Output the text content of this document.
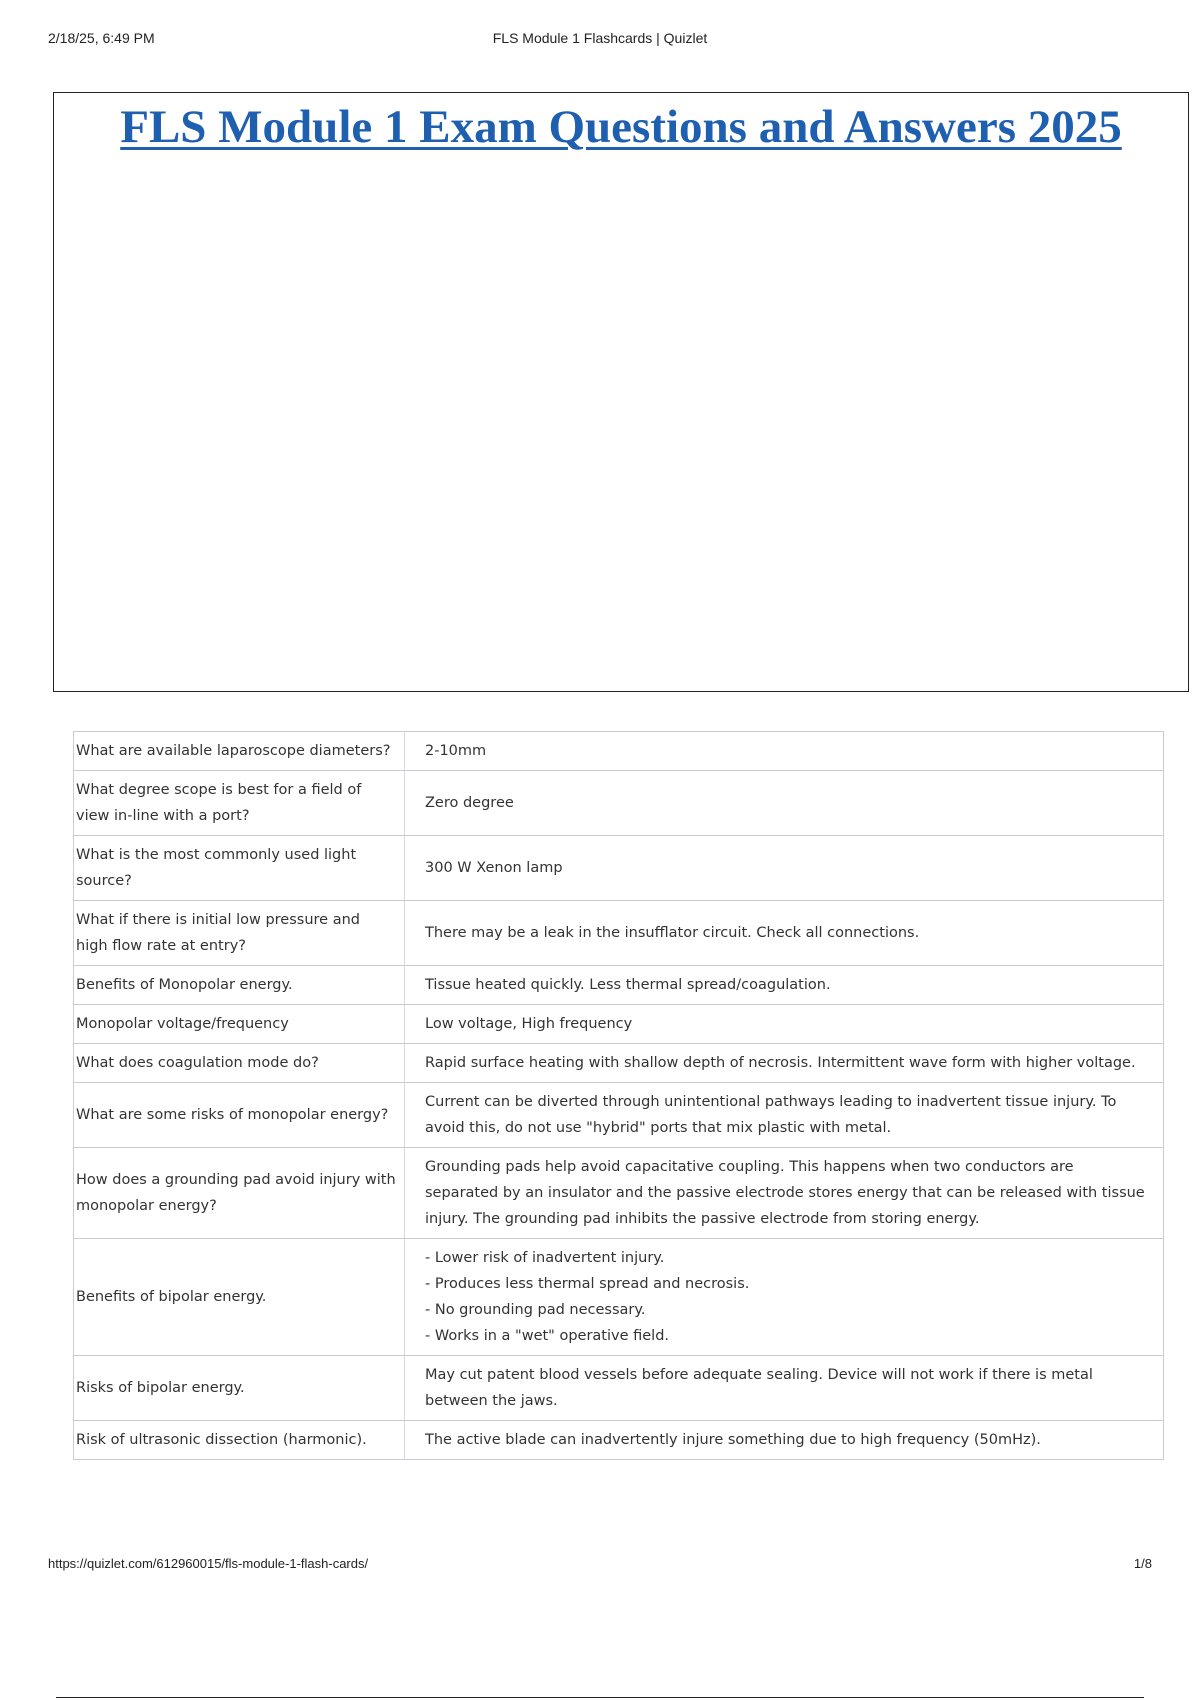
2/18/25, 6:49 PM	FLS Module 1 Flashcards | Quizlet
FLS Module 1 Exam Questions and Answers 2025
What are available laparoscope diameters?	2-10mm

What degree scope is best for a field of view in-line with a port?	Zero degree

What is the most commonly used light source?	300 W Xenon lamp

What if there is initial low pressure and high flow rate at entry?	There may be a leak in the insufflator circuit. Check all connections.

Benefits of Monopolar energy.	Tissue heated quickly. Less thermal spread/coagulation.

Monopolar voltage/frequency	Low voltage, High frequency

What does coagulation mode do?	Rapid surface heating with shallow depth of necrosis. Intermittent wave form with higher voltage.

What are some risks of monopolar energy?	Current can be diverted through unintentional pathways leading to inadvertent tissue injury. To avoid this, do not use "hybrid" ports that mix plastic with metal.

How does a grounding pad avoid injury with monopolar energy?	Grounding pads help avoid capacitative coupling. This happens when two conductors are separated by an insulator and the passive electrode stores energy that can be released with tissue injury. The grounding pad inhibits the passive electrode from storing energy.

Benefits of bipolar energy.	- Lower risk of inadvertent injury.
- Produces less thermal spread and necrosis.
- No grounding pad necessary.
- Works in a "wet" operative field.

Risks of bipolar energy.	May cut patent blood vessels before adequate sealing. Device will not work if there is metal between the jaws.

Risk of ultrasonic dissection (harmonic).	The active blade can inadvertently injure something due to high frequency (50mHz).
https://quizlet.com/612960015/fls-module-1-flash-cards/	1/8
